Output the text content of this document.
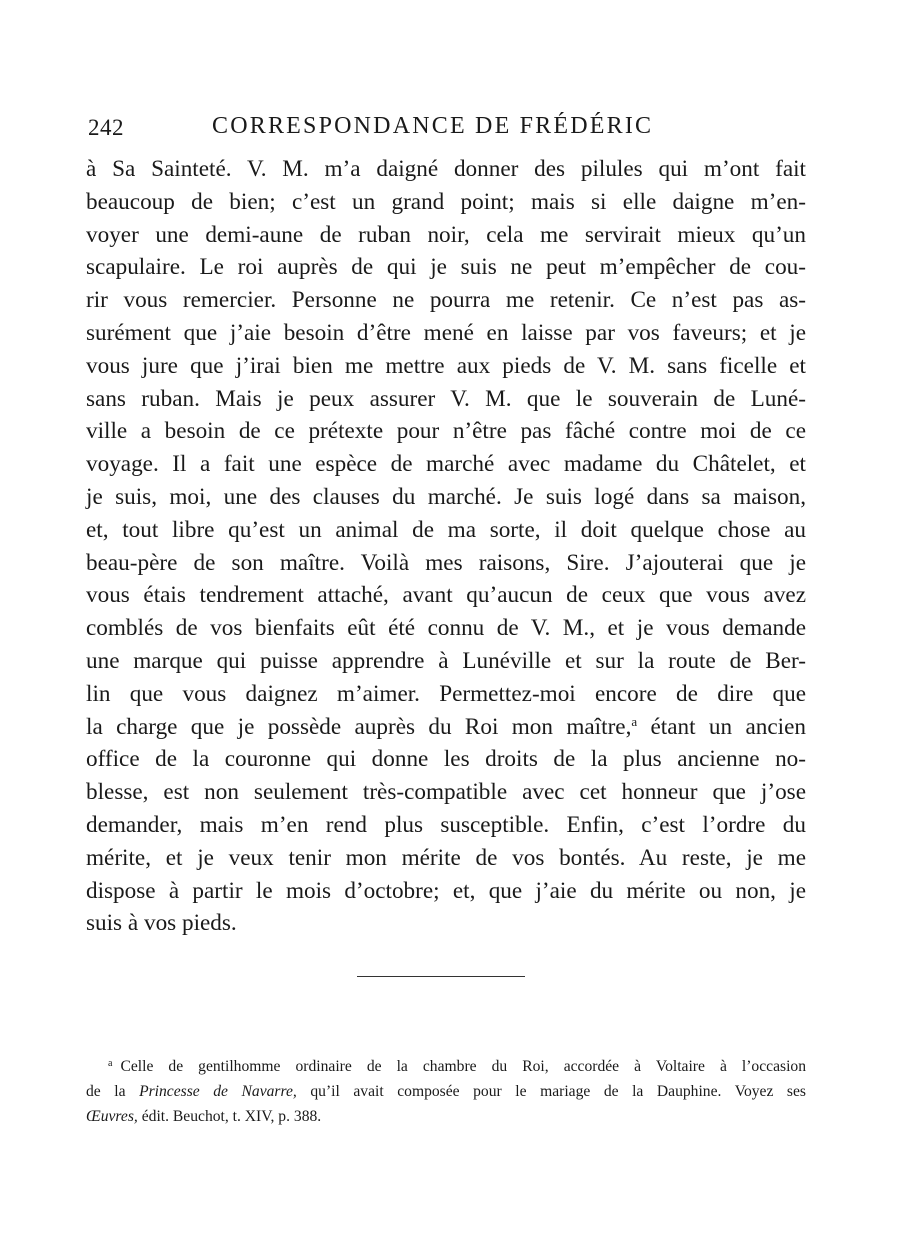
242	CORRESPONDANCE DE FRÉDÉRIC
à Sa Sainteté. V. M. m’a daigné donner des pilules qui m’ont fait
beaucoup de bien; c’est un grand point; mais si elle daigne m’en-
voyer une demi-aune de ruban noir, cela me servirait mieux qu’un
scapulaire. Le roi auprès de qui je suis ne peut m’empêcher de cou-
rir vous remercier. Personne ne pourra me retenir. Ce n’est pas as-
surément que j’aie besoin d’être mené en laisse par vos faveurs; et je
vous jure que j’irai bien me mettre aux pieds de V. M. sans ficelle et
sans ruban. Mais je peux assurer V. M. que le souverain de Luné-
ville a besoin de ce prétexte pour n’être pas fâché contre moi de ce
voyage. Il a fait une espèce de marché avec madame du Châtelet, et
je suis, moi, une des clauses du marché. Je suis logé dans sa maison,
et, tout libre qu’est un animal de ma sorte, il doit quelque chose au
beau-père de son maître. Voilà mes raisons, Sire. J’ajouterai que je
vous étais tendrement attaché, avant qu’aucun de ceux que vous avez
comblés de vos bienfaits eût été connu de V. M., et je vous demande
une marque qui puisse apprendre à Lunéville et sur la route de Ber-
lin que vous daignez m’aimer. Permettez-moi encore de dire que
la charge que je possède auprès du Roi mon maître,$^a$ étant un ancien
office de la couronne qui donne les droits de la plus ancienne no-
blesse, est non seulement très-compatible avec cet honneur que j’ose
demander, mais m’en rend plus susceptible. Enfin, c’est l’ordre du
mérite, et je veux tenir mon mérite de vos bontés. Au reste, je me
dispose à partir le mois d’octobre; et, que j’aie du mérite ou non, je
suis à vos pieds.
$^a$ Celle de gentilhomme ordinaire de la chambre du Roi, accordée à Voltaire à l’occasion
de la Princesse de Navarre, qu’il avait composée pour le mariage de la Dauphine. Voyez ses
Œuvres, édit. Beuchot, t. XIV, p. 388.
